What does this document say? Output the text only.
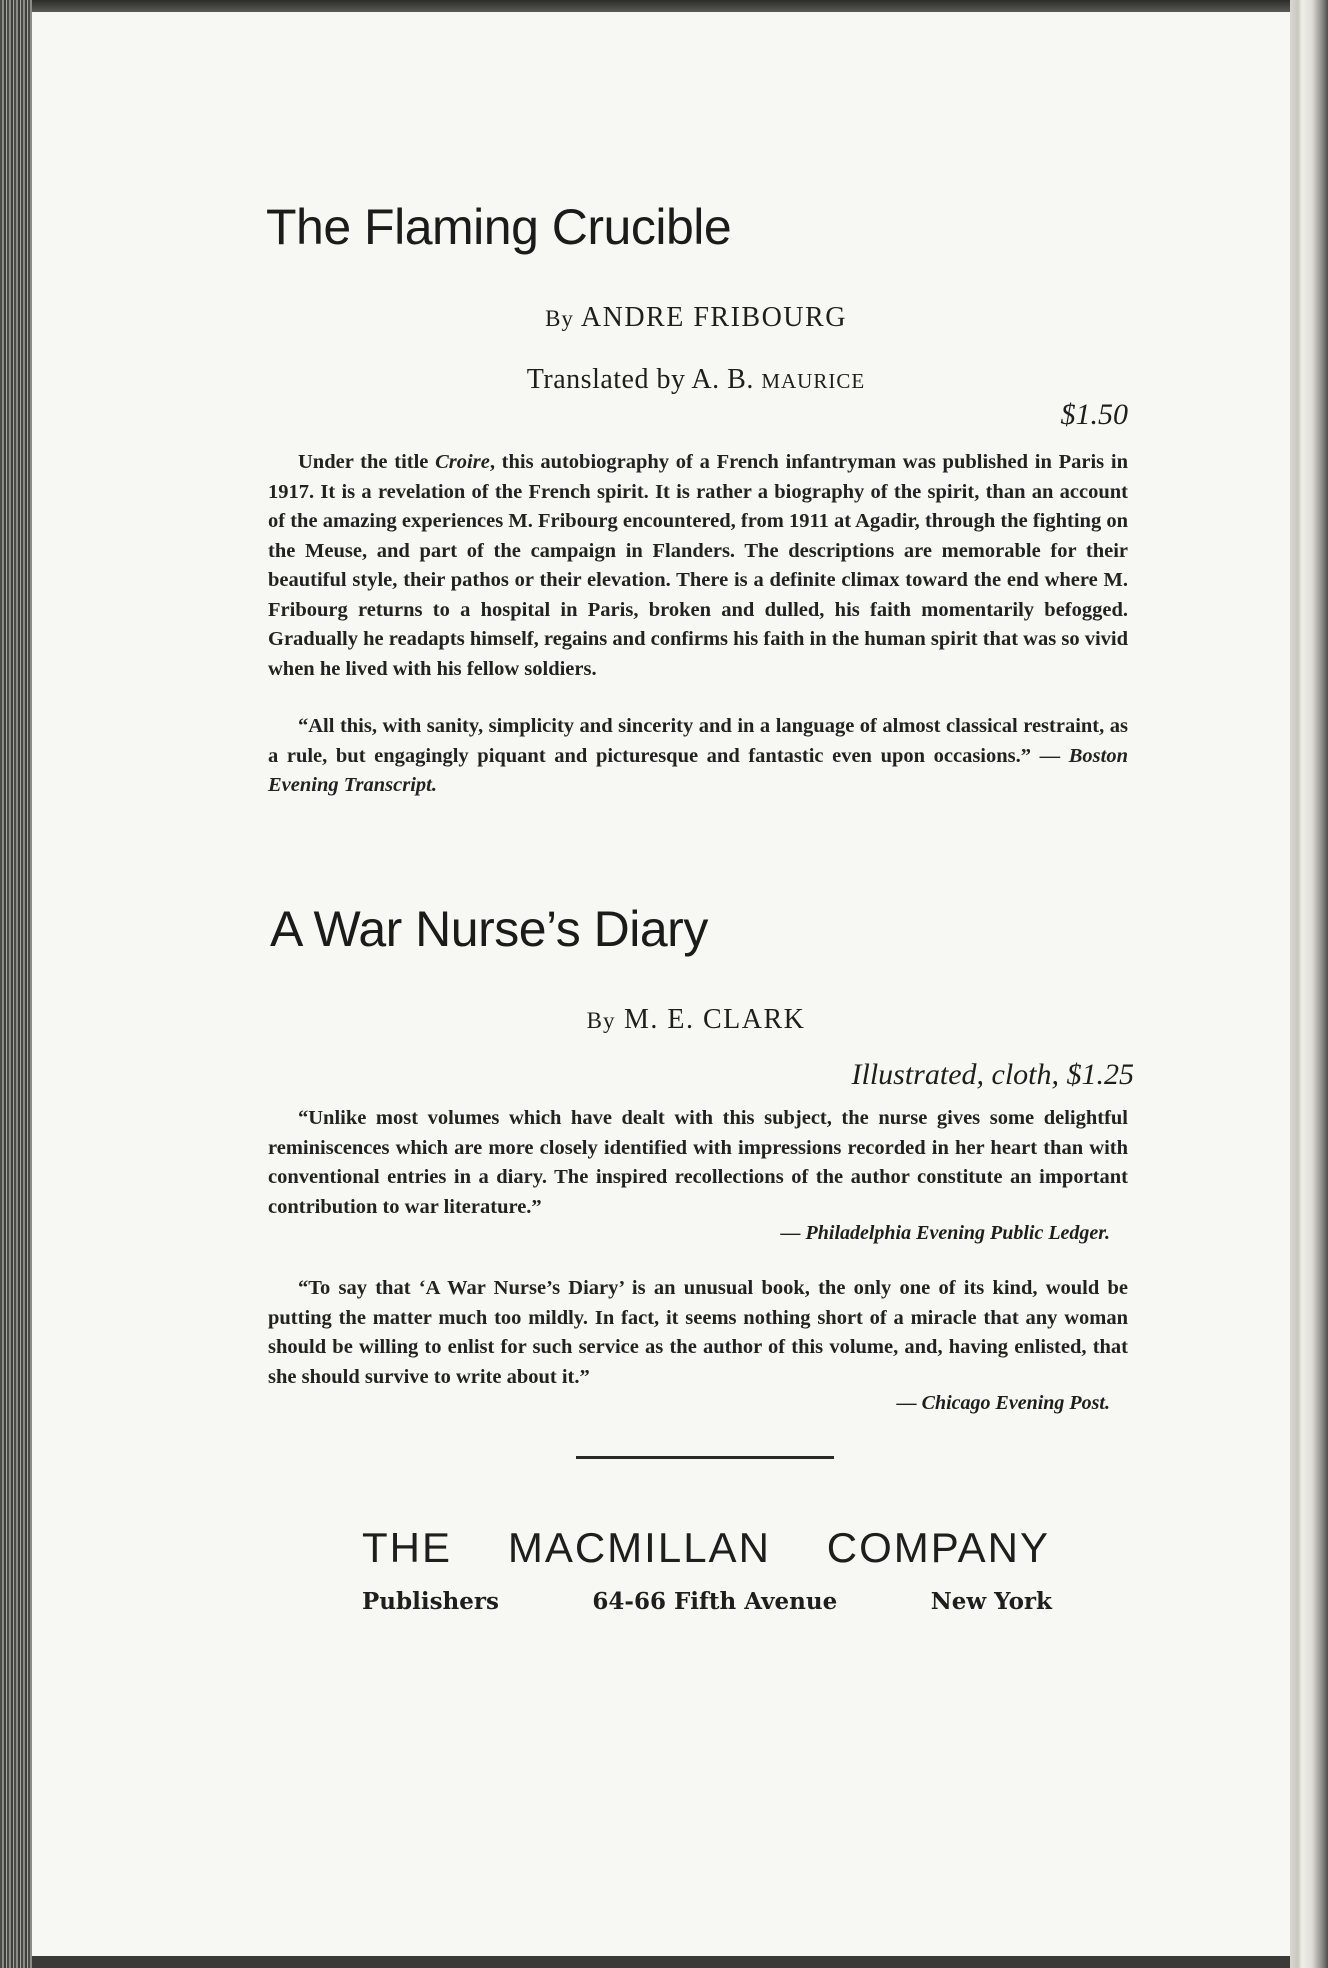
The Flaming Crucible
By ANDRE FRIBOURG
Translated by A. B. MAURICE
$1.50

Under the title Croire, this autobiography of a French infantryman was published in Paris in 1917. It is a revelation of the French spirit. It is rather a biography of the spirit, than an account of the amazing experiences M. Fribourg encountered, from 1911 at Agadir, through the fighting on the Meuse, and part of the campaign in Flanders. The descriptions are memorable for their beautiful style, their pathos or their elevation. There is a definite climax toward the end where M. Fribourg returns to a hospital in Paris, broken and dulled, his faith momentarily befogged. Gradually he readapts himself, regains and confirms his faith in the human spirit that was so vivid when he lived with his fellow soldiers.

“All this, with sanity, simplicity and sincerity and in a language of almost classical restraint, as a rule, but engagingly piquant and picturesque and fantastic even upon occasions.” — Boston Evening Transcript.

A War Nurse’s Diary
By M. E. CLARK
Illustrated, cloth, $1.25

“Unlike most volumes which have dealt with this subject, the nurse gives some delightful reminiscences which are more closely identified with impressions recorded in her heart than with conventional entries in a diary. The inspired recollections of the author constitute an important contribution to war literature.”

— Philadelphia Evening Public Ledger.

“To say that ‘A War Nurse’s Diary’ is an unusual book, the only one of its kind, would be putting the matter much too mildly. In fact, it seems nothing short of a miracle that any woman should be willing to enlist for such service as the author of this volume, and, having enlisted, that she should survive to write about it.”

— Chicago Evening Post.
THE MACMILLAN COMPANY
Publishers	64-66 Fifth Avenue	New York
